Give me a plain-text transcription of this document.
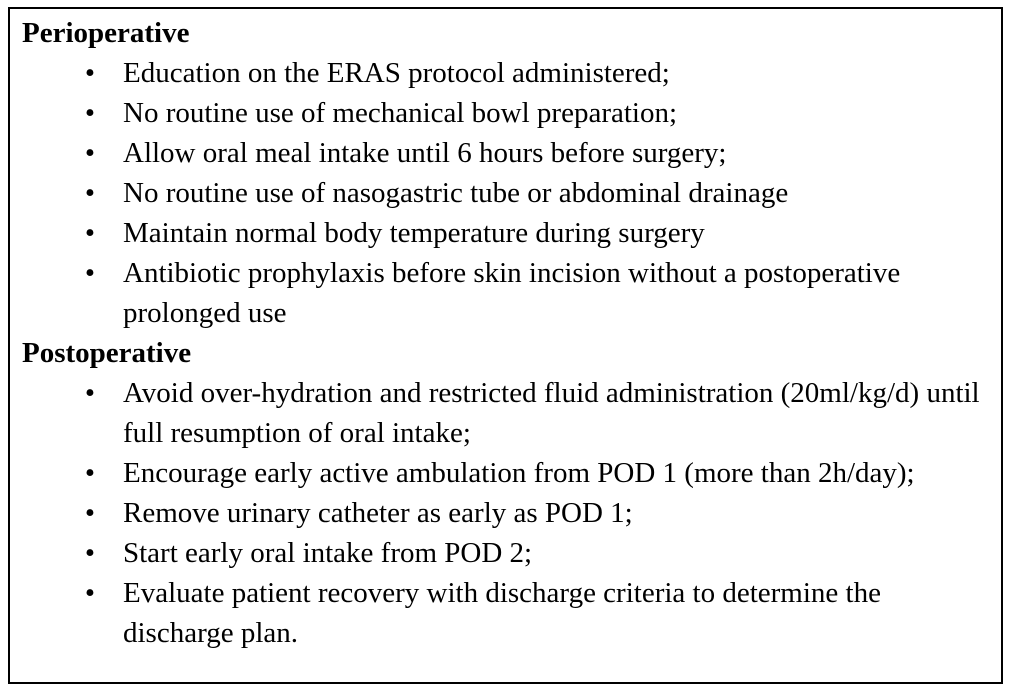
Perioperative
• Education on the ERAS protocol administered;
• No routine use of mechanical bowl preparation;
• Allow oral meal intake until 6 hours before surgery;
• No routine use of nasogastric tube or abdominal drainage
• Maintain normal body temperature during surgery
• Antibiotic prophylaxis before skin incision without a postoperative prolonged use
Postoperative
• Avoid over-hydration and restricted fluid administration (20ml/kg/d) until full resumption of oral intake;
• Encourage early active ambulation from POD 1 (more than 2h/day);
• Remove urinary catheter as early as POD 1;
• Start early oral intake from POD 2;
• Evaluate patient recovery with discharge criteria to determine the discharge plan.
